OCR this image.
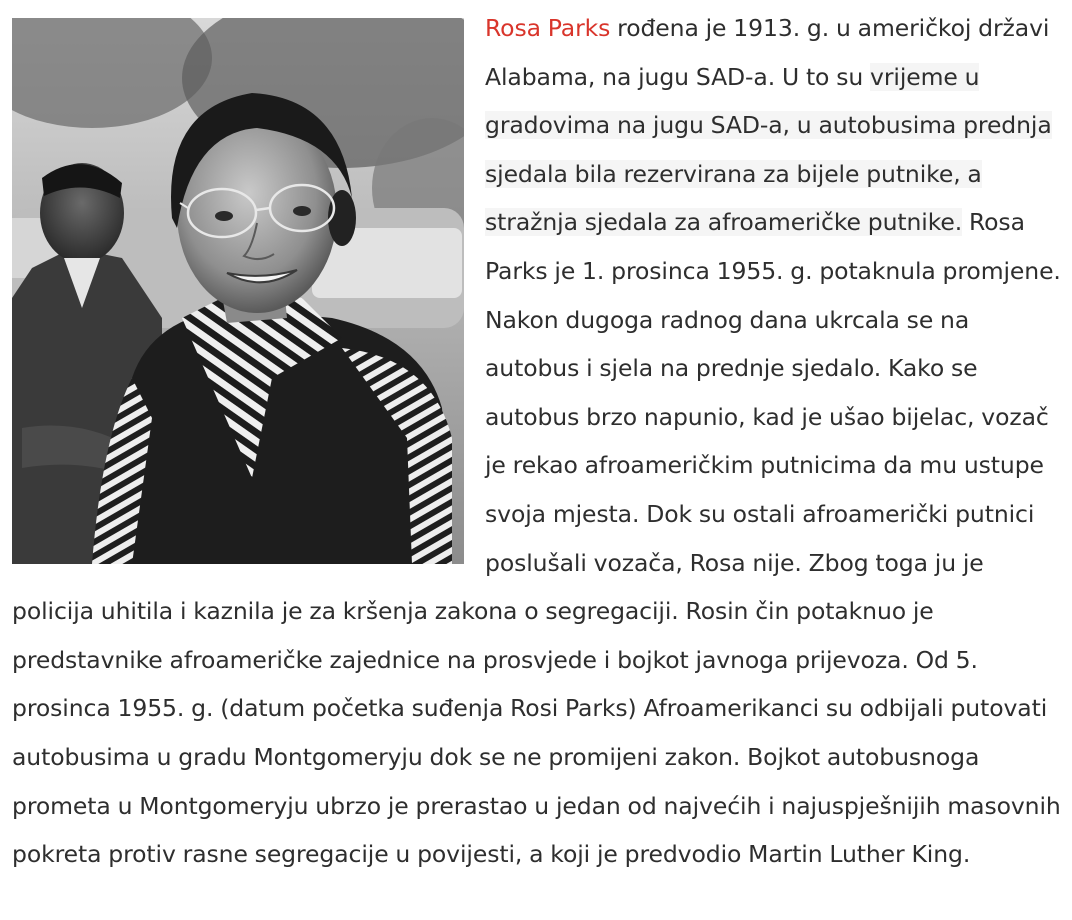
Rosa Parks rođena je 1913. g. u američkoj državi Alabama, na jugu SAD-a. U to su vrijeme u gradovima na jugu SAD-a, u autobusima prednja sjedala bila rezervirana za bijele putnike, a stražnja sjedala za afroameričke putnike. Rosa Parks je 1. prosinca 1955. g. potaknula promjene. Nakon dugoga radnog dana ukrcala se na autobus i sjela na prednje sjedalo. Kako se autobus brzo napunio, kad je ušao bijelac, vozač je rekao afroameričkim putnicima da mu ustupe svoja mjesta. Dok su ostali afroamerički putnici poslušali vozača, Rosa nije. Zbog toga ju je policija uhitila i kaznila je za kršenja zakona o segregaciji. Rosin čin potaknuo je predstavnike afroameričke zajednice na prosvjede i bojkot javnoga prijevoza. Od 5. prosinca 1955. g. (datum početka suđenja Rosi Parks) Afroamerikanci su odbijali putovati autobusima u gradu Montgomeryju dok se ne promijeni zakon. Bojkot autobusnoga prometa u Montgomeryju ubrzo je prerastao u jedan od najvećih i najuspješnijih masovnih pokreta protiv rasne segregacije u povijesti, a koji je predvodio Martin Luther King.
